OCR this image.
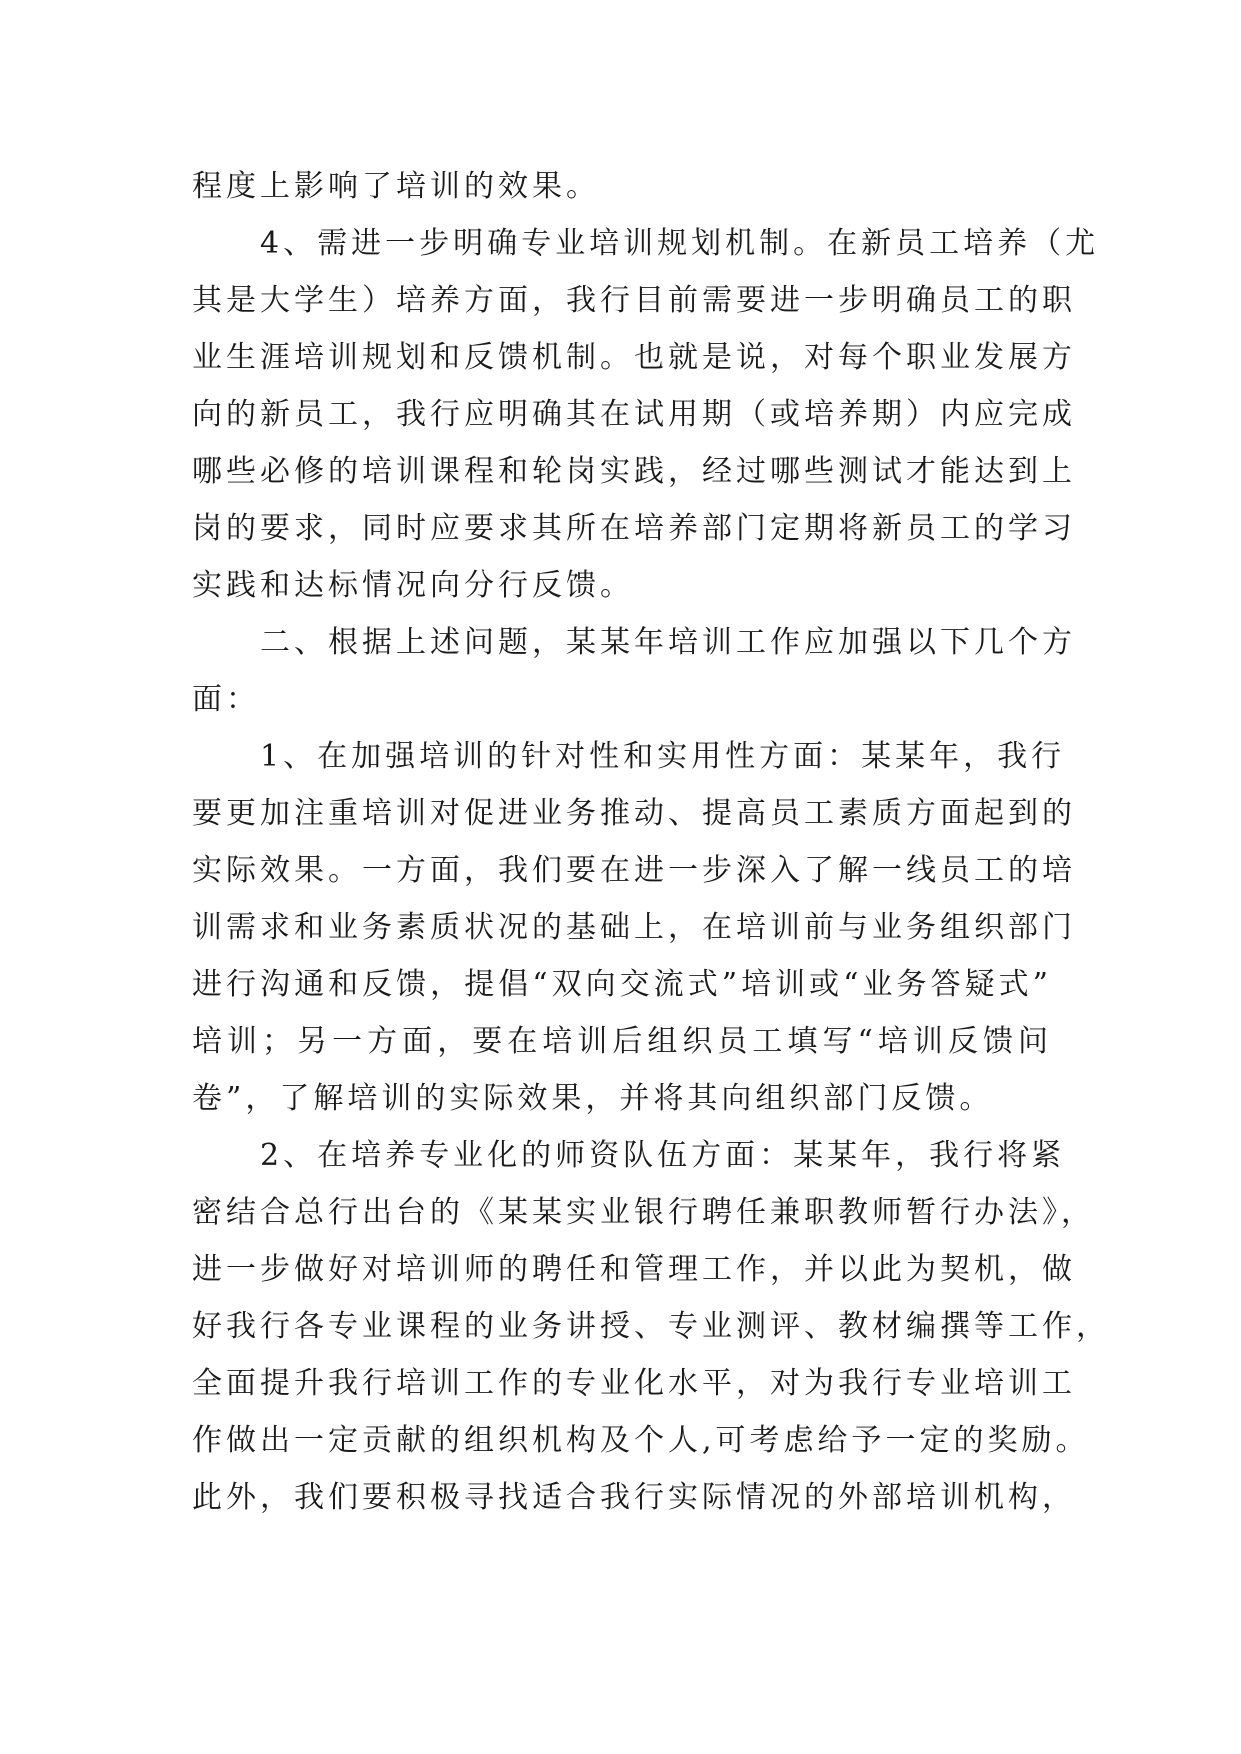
程度上影响了培训的效果。
　　4、需进一步明确专业培训规划机制。在新员工培养（尤
其是大学生）培养方面，我行目前需要进一步明确员工的职
业生涯培训规划和反馈机制。也就是说，对每个职业发展方
向的新员工，我行应明确其在试用期（或培养期）内应完成
哪些必修的培训课程和轮岗实践，经过哪些测试才能达到上
岗的要求，同时应要求其所在培养部门定期将新员工的学习
实践和达标情况向分行反馈。
　　二、根据上述问题，某某年培训工作应加强以下几个方
面：
　　1、在加强培训的针对性和实用性方面：某某年，我行
要更加注重培训对促进业务推动、提高员工素质方面起到的
实际效果。一方面，我们要在进一步深入了解一线员工的培
训需求和业务素质状况的基础上，在培训前与业务组织部门
进行沟通和反馈，提倡“双向交流式”培训或“业务答疑式”
培训；另一方面，要在培训后组织员工填写“培训反馈问
卷”，了解培训的实际效果，并将其向组织部门反馈。
　　2、在培养专业化的师资队伍方面：某某年，我行将紧
密结合总行出台的《某某实业银行聘任兼职教师暂行办法》，
进一步做好对培训师的聘任和管理工作，并以此为契机，做
好我行各专业课程的业务讲授、专业测评、教材编撰等工作，
全面提升我行培训工作的专业化水平，对为我行专业培训工
作做出一定贡献的组织机构及个人,可考虑给予一定的奖励。
此外，我们要积极寻找适合我行实际情况的外部培训机构，
